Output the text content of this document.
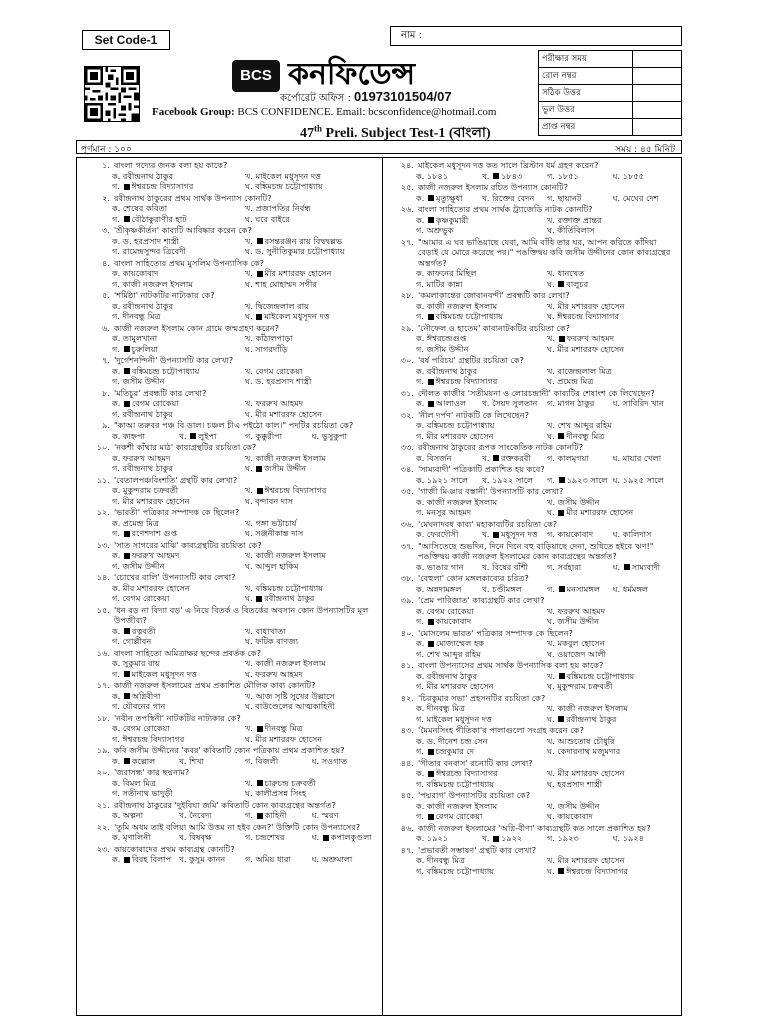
Set Code-1	নাম :
BCS কনফিডেন্স
কর্পোরেট অফিস : 01973101504/07
Facebook Group: BCS CONFIDENCE. Email: bcsconfidence@hotmail.com
47th Preli. Subject Test-1 (বাংলা)
পরীক্ষার সময়	
রোল নম্বর	
সঠিক উত্তর	
ভুল উত্তর	
প্রাপ্ত নম্বর	
পূর্ণমান : ১০০	সময় : ৪৫ মিনিট
১. বাংলা গদ্যের জনক বলা হয় কাকে?
ক. রবীন্দ্রনাথ ঠাকুর	খ. মাইকেল মধুসূদন দত্ত
গ. ঈশ্বরচন্দ্র বিদ্যাসাগর	ঘ. বঙ্কিমচন্দ্র চট্টোপাধ্যায়
২. রবীন্দ্রনাথ ঠাকুরের প্রথম সার্থক উপন্যাস কোনটি?
ক. শেষের কবিতা	খ. প্রজাপতির নির্বন্ধ
গ. বৌঠাকুরাণীর হাট	ঘ. ঘরে বাইরে
৩. 'শ্রীকৃষ্ণকীর্তন' কাব্যটি আবিষ্কার করেন কে?
ক. ড. হরপ্রসাদ শাস্ত্রী	খ. বসন্তরঞ্জন রায় বিদ্বদ্বল্লভ
গ. রামেন্দ্রসুন্দর ত্রিবেদী	ঘ. ড. সুনীতিকুমার চট্টোপাধ্যায়
৪. বাংলা সাহিত্যের প্রথম মুসলিম উপন্যাসিক কে?
ক. কায়কোবাদ	খ. মীর মশাররফ হোসেন
গ. কাজী নজরুল ইসলাম	ঘ. শাহ মোহাম্মদ সগীর
৫. 'শর্মিষ্ঠা' নাটকটির নাট্যকার কে?
ক. রবীন্দ্রনাথ ঠাকুর	খ. দ্বিজেন্দ্রলাল রায়
গ. দীনবন্ধু মিত্র	ঘ. মাইকেল মধুসূদন দত্ত
৬. কাজী নজরুল ইসলাম কোন গ্রামে জন্মগ্রহণ করেন?
ক. তামুলখানা	খ. কাঁঠালপাড়া
গ. চুরুলিয়া	ঘ. সাগরদাঁড়ি
৭. 'দুর্গেশনন্দিনী' উপন্যাসটি কার লেখা?
ক. বঙ্কিমচন্দ্র চট্টোপাধ্যায়	খ. বেগম রোকেয়া
গ. জসীম উদ্দীন	ঘ. ড. হরপ্রসাদ শাস্ত্রী
৮. 'মতিচুর' প্রবন্ধটি কার লেখা?
ক. বেগম রোকেয়া	খ. ফররুখ আহমদ
গ. রবীন্দ্রনাথ ঠাকুর	ঘ. মীর মশাররফ হোসেন
৯. "কাআ তরুবর পঞ্চ বি ডাল। চঞ্চল চীএ পইঠো কাল।" পদটির রচয়িতা কে?
ক. কাহ্নপা	খ. লুইপা	গ. কুক্কুরীপা	ঘ. ভুসুকুপা
১০. 'নকশী কাঁথার মাঠ' কাব্যগ্রন্থটির রচয়িতা কে?
ক. ফররুখ আহমদ	খ. কাজী নজরুল ইসলাম
গ. রবীন্দ্রনাথ ঠাকুর	ঘ. জসীম উদ্দীন
১১. 'বেতালপঞ্চবিংশতি' গ্রন্থটি কার লেখা?
ক. মুকুন্দরাম চক্রবর্তী	খ. ঈশ্বরচন্দ্র বিদ্যাসাগর
গ. মীর মশাররফ হোসেন	ঘ. বৃন্দাবন দাস
১২. 'ভারতী' পত্রিকার সম্পাদক কে ছিলেন?
ক. প্রমেন্দ্র মিত্র	খ. গঙ্গা ভট্টাচার্য
গ. রণেশদাশ গুপ্ত	ঘ. সঞ্জনীকান্ত দাস
১৩. 'সাত সাগরের মাঝি' কাব্যগ্রন্থটির রচয়িতা কে?
ক. ফররুখ আহমদ	খ. কাজী নজরুল ইসলাম
গ. জসীম উদ্দীন	ঘ. আব্দুল হাকিম
১৪. 'চোখের বালি' উপন্যাসটি কার লেখা?
ক. মীর মশাররফ হোসেন	খ. বঙ্কিমচন্দ্র চট্টোপাধ্যায়
গ. বেগম রোকেয়া	ঘ. রবীন্দ্রনাথ ঠাকুর
১৫. 'ধন বড় না বিদ্যা বড়' এ নিয়ে বিতর্ক ও বিতর্কের অবসান কোন উপন্যাসটির মূল উপজীব্য?
ক. রত্নবতী	খ. বাধাখাতা
গ. গোল্লীবন	ঘ. ফটিক বাণজ্য
১৬. বাংলা সাহিত্যে অমিত্রাক্ষর ছন্দের প্রবর্তক কে?
ক. সুকুমার রায়	খ. কাজী নজরুল ইসলাম
গ. মাইকেল মধুসূদন দত্ত	ঘ. ফররুখ আহমদ
১৭. কাজী নজরুল ইসলামের প্রথম প্রকাশিত মৌলিক কাব্য কোনটি?
ক. অগ্নিবীণা	খ. আজ সৃষ্টি সুখের উল্লাসে
গ. যৌবনের গান	ঘ. বাউণ্ডেলের আত্মকাহিনী
১৮. 'নবীন তপস্বিনী' নাটকটির নাট্যকার কে?
ক. বেগম রোকেয়া	খ. দীনবন্ধু মিত্র
গ. ঈশ্বরচন্দ্র বিদ্যাসাগর	ঘ. মীর মশাররফ হোসেন
১৯. কবি জসীম উদ্দীনের 'কবর' কবিতাটি কোন পত্রিকায় প্রথম প্রকাশিত হয়?
ক. কল্লোল	খ. শিখা	গ. বিজলী	ঘ. সওগাত
২০. 'জরাসন্ধ' কার ছদ্মনাম?
ক. বিমল মিত্র	খ. চারুচন্দ্র চক্রবর্তী
গ. সতীনাথ ভাদুড়ী	ঘ. কালীপ্রসন্ন সিংহ
২১. রবীন্দ্রনাথ ঠাকুরের 'দুইবিঘা জমি' কবিতাটি কোন কাব্যগ্রন্থের অন্তর্গত?
ক. অল্পনা	খ. নৈবেদ্য	গ. কাহিনী	ঘ. স্মরণ
২২. 'তুমি অধম তাই বলিয়া আমি উত্তম না হইব কেন?' উক্তিটি কোন উপন্যাসের?
ক. মৃণালিনী	খ. বিষবৃক্ষ	গ. চন্দ্রশেখর	ঘ. কপালকুণ্ডলা
২৩. কায়কোবাদের প্রথম কাব্যগ্রন্থ কোনটি?
ক. বিরহ বিলাপ খ. কুসুম কানন	গ. অমিয় ধারা	ঘ. অশ্রুমালা
২৪. মাইকেল মধুসূদন দত্ত কত সালে খ্রিস্টান ধর্ম গ্রহণ করেন?
ক. ১৮৪১	খ. ১৮৪৩	গ. ১৮৫১	ঘ. ১৮৫৫
২৫. কাজী নজরুল ইসলাম রচিত উপন্যাস কোনটি?
ক. মৃত্যুক্ষুধা	খ. রিক্তের বেদন	গ. ছায়ানট	ঘ. মেঘের দেশ
২৬. বাংলা সাহিত্যের প্রথম সার্থক ট্র্যাজেডি নাটক কোনটি?
ক. কৃষ্ণকুমারী	খ. রক্তাক্ত প্রান্তর
গ. অশ্রুভুক	ঘ. কীর্তিবিলাস
২৭. "আমার এ ঘর ভাঙিয়াছে যেবা, আমি বাঁধি তার ঘর, আপন করিতে কাঁদিয়া বেড়াই যে মোরে করেছে পর।" পঙক্তিদ্বয় কবি জসীম উদ্দীনের কোন কাব্যগ্রন্থের অন্তর্গত?
ক. কাফনের মিছিল	খ. ধানখেত
গ. মাটির কান্না	ঘ. বালুচর
২৮. 'কমলাকান্তের জোবানবন্দী' প্রবন্ধটি কার লেখা?
ক. কাজী নজরুল ইসলাম	খ. মীর মশাররফ হোসেন
গ. বঙ্কিমচন্দ্র চট্টোপাধ্যায়	ঘ. ঈশ্বরচন্দ্র বিদ্যাসাগর
২৯. 'নৌফেল ও হাতেম' কাব্যনাটকটির রচয়িতা কে?
ক. ঈশ্বরচন্দ্রগুপ্ত	খ. ফররুখ আহমদ
গ. জসীম উদ্দীন	ঘ. মীর মশাররফ হোসেন
৩০. 'বর্ষ পরিচয়' গ্রন্থটির রচয়িতা কে?
ক. রবীন্দ্রনাথ ঠাকুর	খ. রাজেন্দ্রলাল মিত্র
গ. ঈশ্বরচন্দ্র বিদ্যাসাগর	ঘ. প্রমেন্দ্র মিত্র
৩১. দৌলত কাজীর 'সতীময়না ও লোরচন্দ্রানী' কাব্যটির শেষাংশ কে লিখেছেন?
ক. আলাওল	খ. সৈয়দ সুলতান	গ. মাগন ঠাকুর	ঘ. সাবিরিদ খান
৩২. 'নীল দর্পণ' নাটকটি কে লিখেছেন?
ক. বঙ্কিমচন্দ্র চট্টোপাধ্যায়	খ. শেখ আব্দুর রহিম
গ. মীর মশাররফ হোসেন	ঘ. দীনবন্ধু মিত্র
৩৩. রবীন্দ্রনাথ ঠাকুরের রূপক সাংকেতিক নাটক কোনটি?
ক. বিসর্জন	খ. রক্তকরবী	গ. কালমৃগয়া	ঘ. মায়ার খেলা
৩৪. 'সাম্যবাদী' পত্রিকাটি প্রকাশিত হয় কবে?
ক. ১৯২১ সালে	খ. ১৯২২ সালে	গ. ১৯২৩ সালে ঘ. ১৯২৫ সালে
৩৫. 'গাজী মিঞার বস্তানী' উপন্যাসটি কার লেখা?
ক. কাজী নজরুল ইসলাম	খ. জসীম উদ্দীন
গ. মনসুর আহমদ	ঘ. মীর মশাররফ হোসেন
৩৬. 'মেঘনাদবধ কাব্য' মহাকাব্যটির রচয়িতা কে?
ক. ফেরদৌসী	খ. মধুসূদন দত্ত	গ. কায়কোবাদ	ঘ. কালিদাস
৩৭. "আসিতেছে শুভদিন, দিনে দিনে বহু বাড়িয়াছে দেনা, শুধিতে হইবে ঋণ!" পঙক্তিদ্বয় কাজী নজরুল ইসলামের কোন কাব্যগ্রন্থের অন্তর্গত?
ক. ভাঙার গান	খ. বিষের বাঁশী	গ. সর্বহারা	ঘ. সাম্যবাদী
৩৮. 'বেহুলা' কোন মঙ্গলকাব্যের চরিত্র?
ক. অন্নদামঙ্গল	খ. চণ্ডীমঙ্গল	গ. মনসামঙ্গল	ঘ. ধর্মমঙ্গল
৩৯. 'প্রেম পারিজাত' কাব্যগ্রন্থটি কার লেখা?
ক. বেগম রোকেয়া	খ. ফররুখ আহমদ
গ. কায়কোবাদ	ঘ. জসীম উদ্দীন
৪০. 'মোসলেম ভারত' পত্রিকার সম্পাদক কে ছিলেন?
ক. মোজাম্মেল হক	খ. মকবুল হোসেন
গ. শেখ আব্দুর রহিম	ঘ. ওয়াজেদ আলী
৪১. বাংলা উপন্যাসের প্রথম সার্থক উপন্যাসিক বলা হয় কাকে?
ক. রবীন্দ্রনাথ ঠাকুর	খ. বঙ্কিমচন্দ্র চট্টোপাধ্যায়
গ. মীর মশাররফ হোসেন	ঘ. মুকুন্দরাম চক্রবর্তী
৪২. 'চিরকুমার সভা' প্রহসনটির রচয়িতা কে?
ক. দীনবন্ধু মিত্র	খ. কাজী নজরুল ইসলাম
গ. মাইকেল মধুসূদন দত্ত	ঘ. রবীন্দ্রনাথ ঠাকুর
৪৩. 'মৈমনসিংহ গীতিকা'র পালাগুলো সংগ্রহ করেন কে?
ক. ড. দীনেশ চন্দ্র সেন	খ. আশুতোষ চৌধুরি
গ. চন্দ্রকুমার দে	ঘ. কেদারনাথ মজুমদার
৪৪. 'সীতার বনবাস' রচনাটি কার লেখা?
ক. ঈশ্বরচন্দ্র বিদ্যাসাগর	খ. মীর মশাররফ হোসেন
গ. বঙ্কিমচন্দ্র চট্টোপাধ্যায়	ঘ. হরপ্রসাদ শাস্ত্রী
৪৫. 'পদ্মরাগ' উপন্যাসটির রচয়িতা কে?
ক. কাজী নজরুল ইসলাম	খ. জসীম উদ্দীন
গ. বেগম রোকেয়া	ঘ. কায়কোবাদ
৪৬. কাজী নজরুল ইসলামের 'অগ্নি-বীণা' কাব্যগ্রন্থটি কত সালে প্রকাশিত হয়?
ক. ১৯২১	খ. ১৯২২	গ. ১৯২৩	ঘ. ১৯২৪
৪৭. 'প্রভাবতী সম্ভাষণ' গ্রন্থটি কার লেখা?
ক. দীনবন্ধু মিত্র	খ. মীর মশাররফ হোসেন
গ. বঙ্কিমচন্দ্র চট্টোপাধ্যায়	ঘ. ঈশ্বরচন্দ্র বিদ্যাসাগর
